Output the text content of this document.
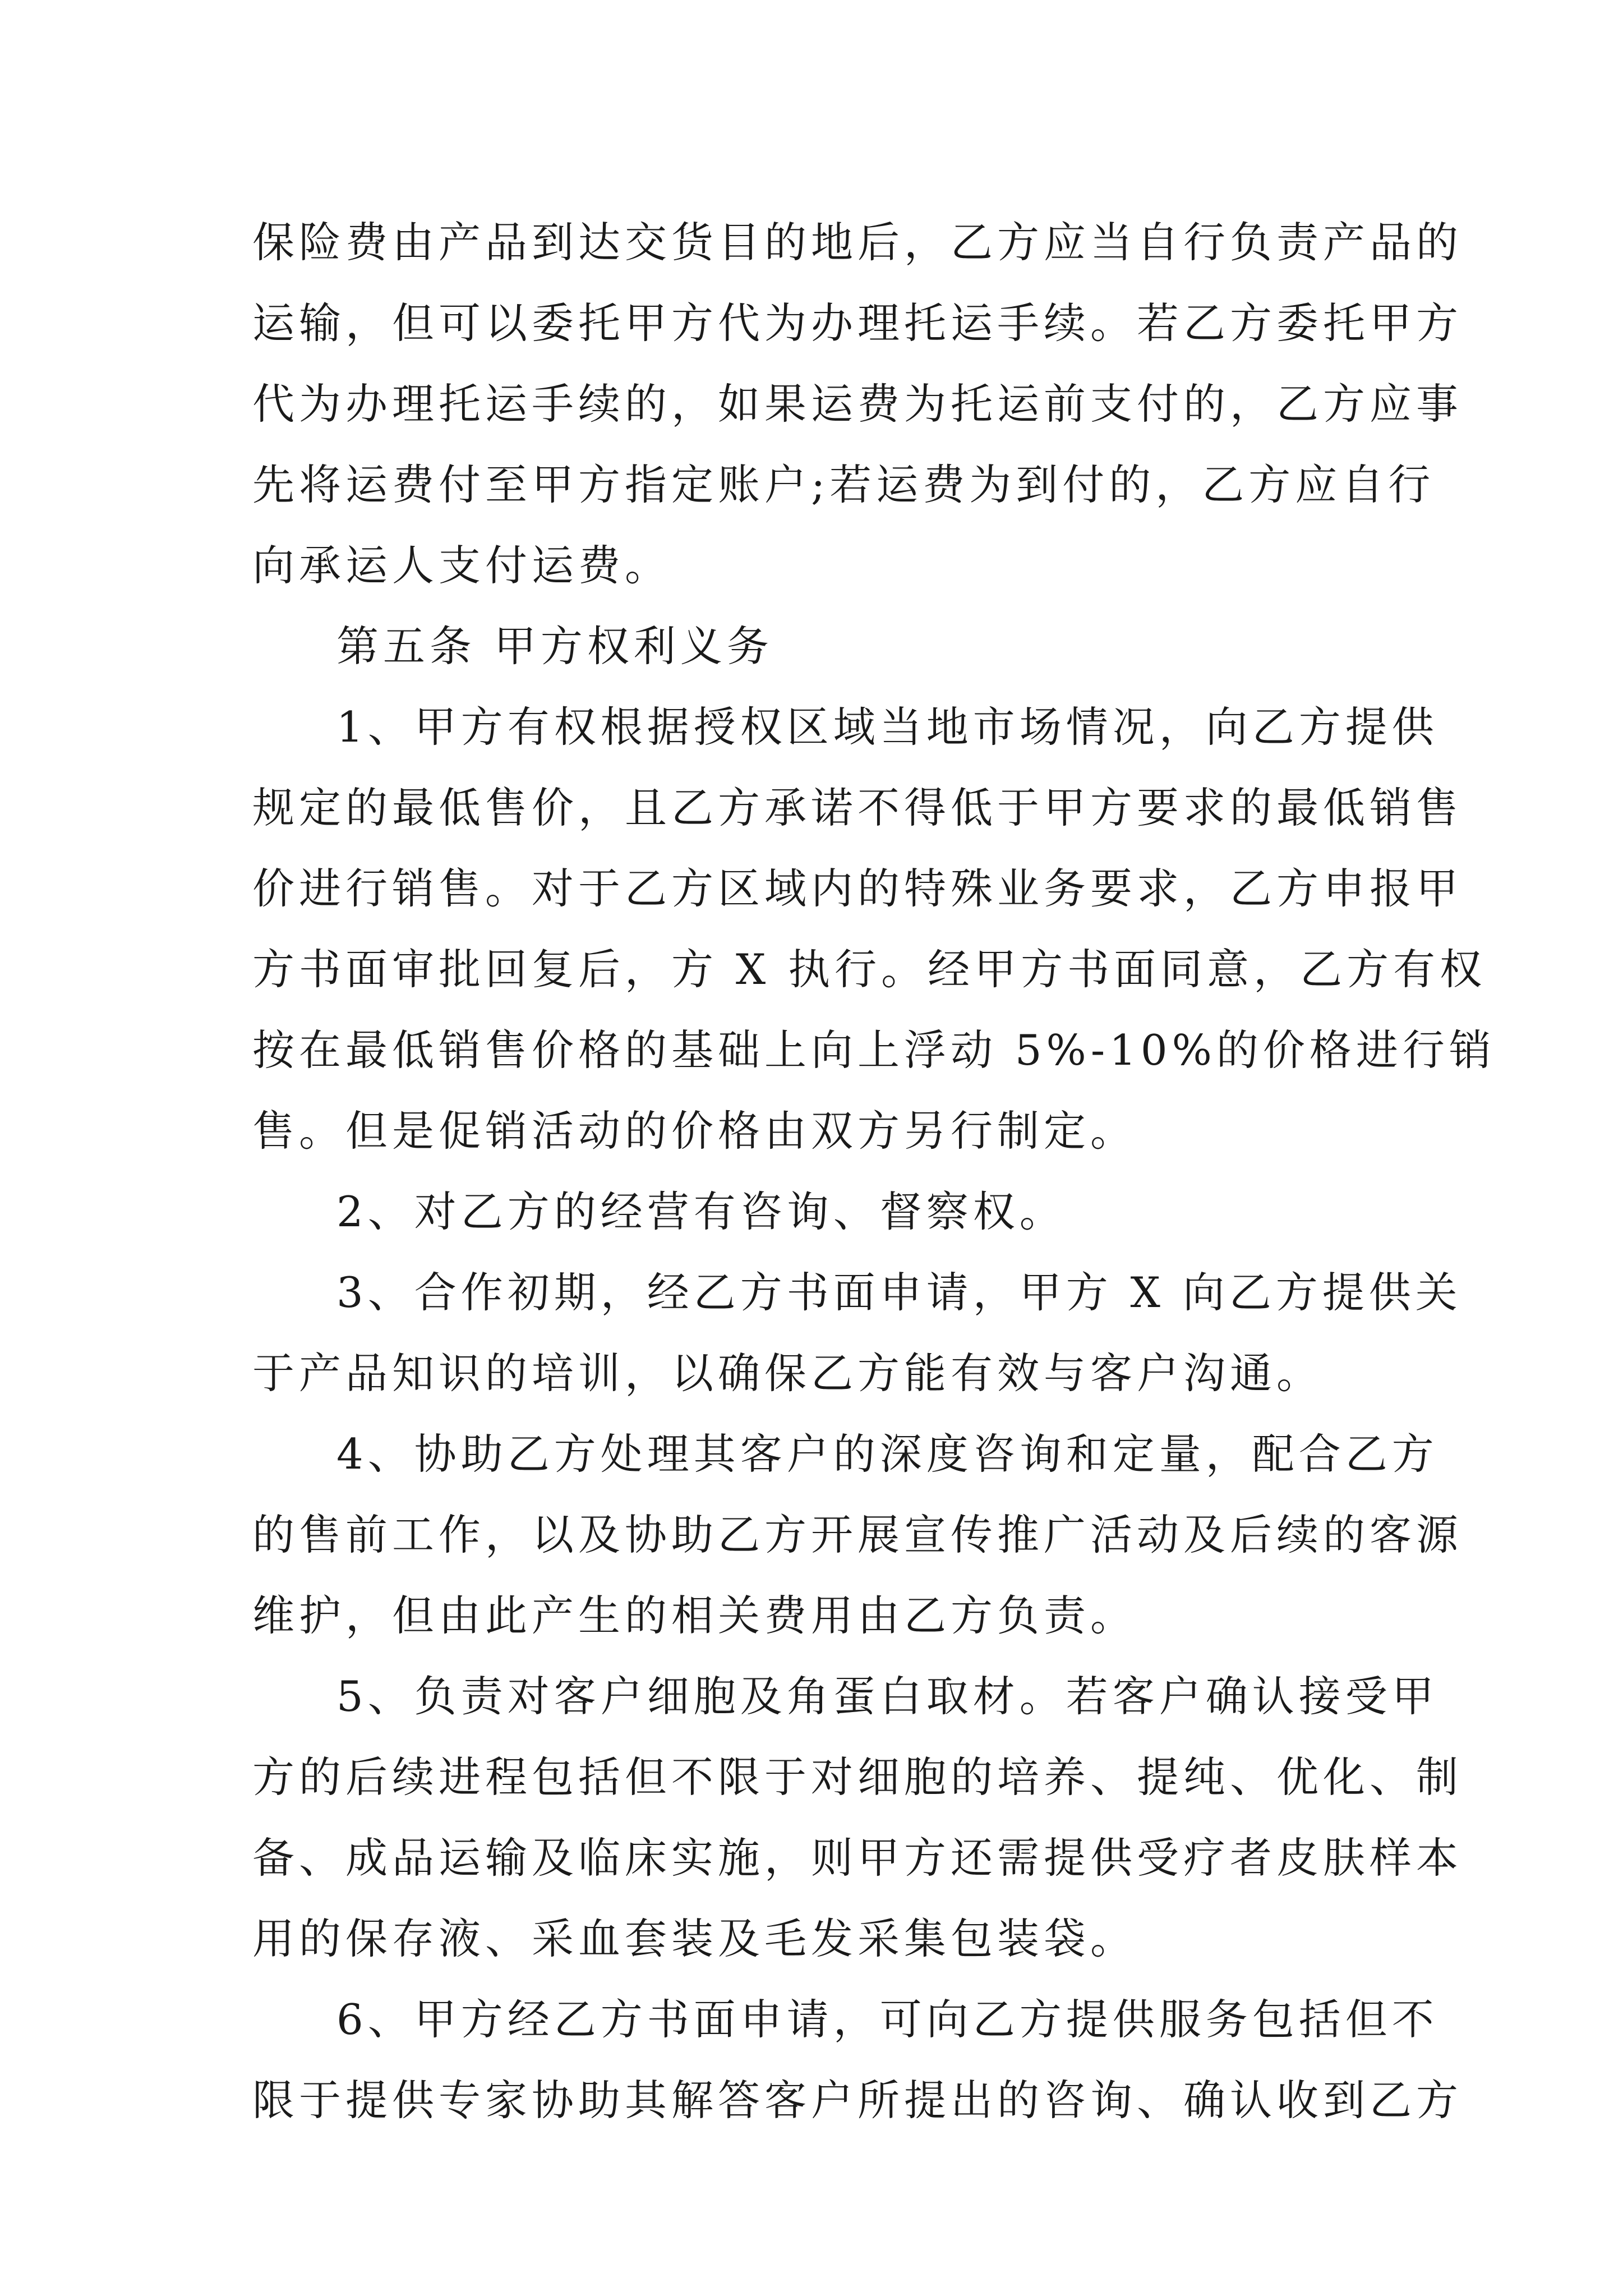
保险费由产品到达交货目的地后，乙方应当自行负责产品的
运输，但可以委托甲方代为办理托运手续。若乙方委托甲方
代为办理托运手续的，如果运费为托运前支付的，乙方应事
先将运费付至甲方指定账户;若运费为到付的，乙方应自行
向承运人支付运费。
第五条 甲方权利义务
1、甲方有权根据授权区域当地市场情况，向乙方提供
规定的最低售价，且乙方承诺不得低于甲方要求的最低销售
价进行销售。对于乙方区域内的特殊业务要求，乙方申报甲
方书面审批回复后，方 X 执行。经甲方书面同意，乙方有权
按在最低销售价格的基础上向上浮动 5%-10%的价格进行销
售。但是促销活动的价格由双方另行制定。
2、对乙方的经营有咨询、督察权。
3、合作初期，经乙方书面申请，甲方 X 向乙方提供关
于产品知识的培训，以确保乙方能有效与客户沟通。
4、协助乙方处理其客户的深度咨询和定量，配合乙方
的售前工作，以及协助乙方开展宣传推广活动及后续的客源
维护，但由此产生的相关费用由乙方负责。
5、负责对客户细胞及角蛋白取材。若客户确认接受甲
方的后续进程包括但不限于对细胞的培养、提纯、优化、制
备、成品运输及临床实施，则甲方还需提供受疗者皮肤样本
用的保存液、采血套装及毛发采集包装袋。
6、甲方经乙方书面申请，可向乙方提供服务包括但不
限于提供专家协助其解答客户所提出的咨询、确认收到乙方
